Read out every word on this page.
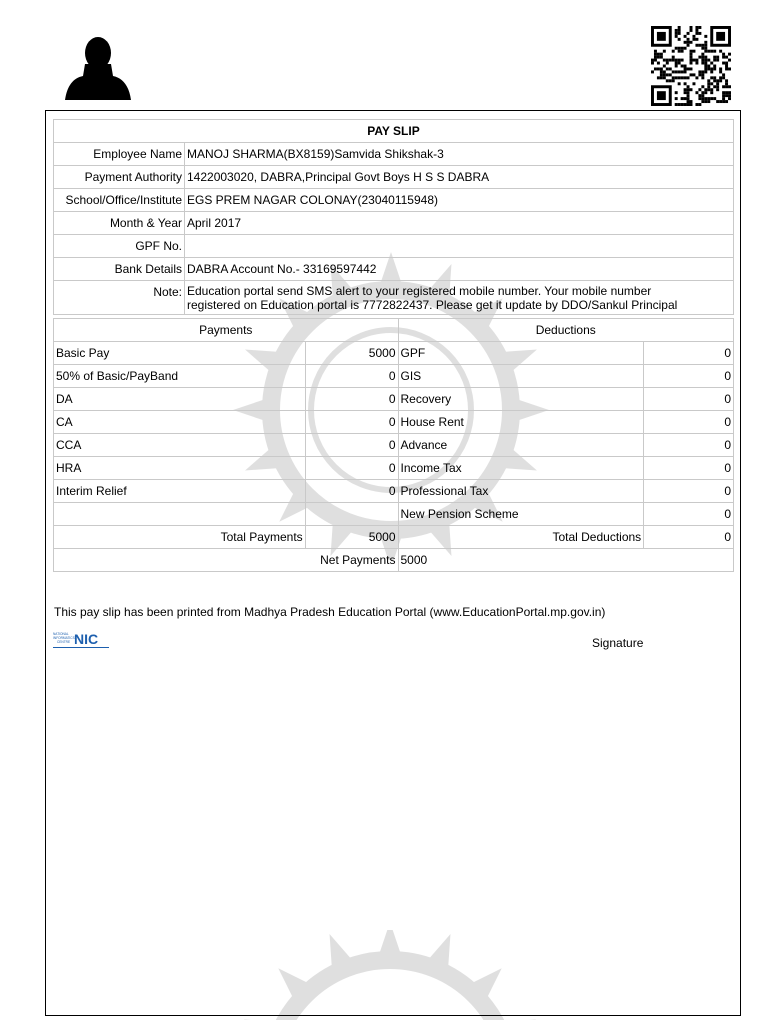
PAY SLIP	
Employee Name	MANOJ SHARMA(BX8159)Samvida Shikshak-3
Payment Authority	1422003020, DABRA,Principal Govt Boys H S S DABRA
School/Office/Institute	EGS PREM NAGAR COLONAY(23040115948)
Month & Year	April 2017
GPF No.	
Bank Details	DABRA Account No.- 33169597442
Note:	Education portal send SMS alert to your registered mobile number. Your mobile number
registered on Education portal is 7772822437. Please get it update by DDO/Sankul Principal
Payments		Deductions	
Basic Pay	5000	GPF	0
50% of Basic/PayBand	0	GIS	0
DA	0	Recovery	0
CA	0	House Rent	0
CCA	0	Advance	0
HRA	0	Income Tax	0
Interim Relief	0	Professional Tax	0
		New Pension Scheme	0
Total Payments	5000	Total Deductions	0
Net Payments		5000	
This pay slip has been printed from Madhya Pradesh Education Portal (www.EducationPortal.mp.gov.in)
NATIONAL
INFORMATICS
CENTRE NIC	Signature
